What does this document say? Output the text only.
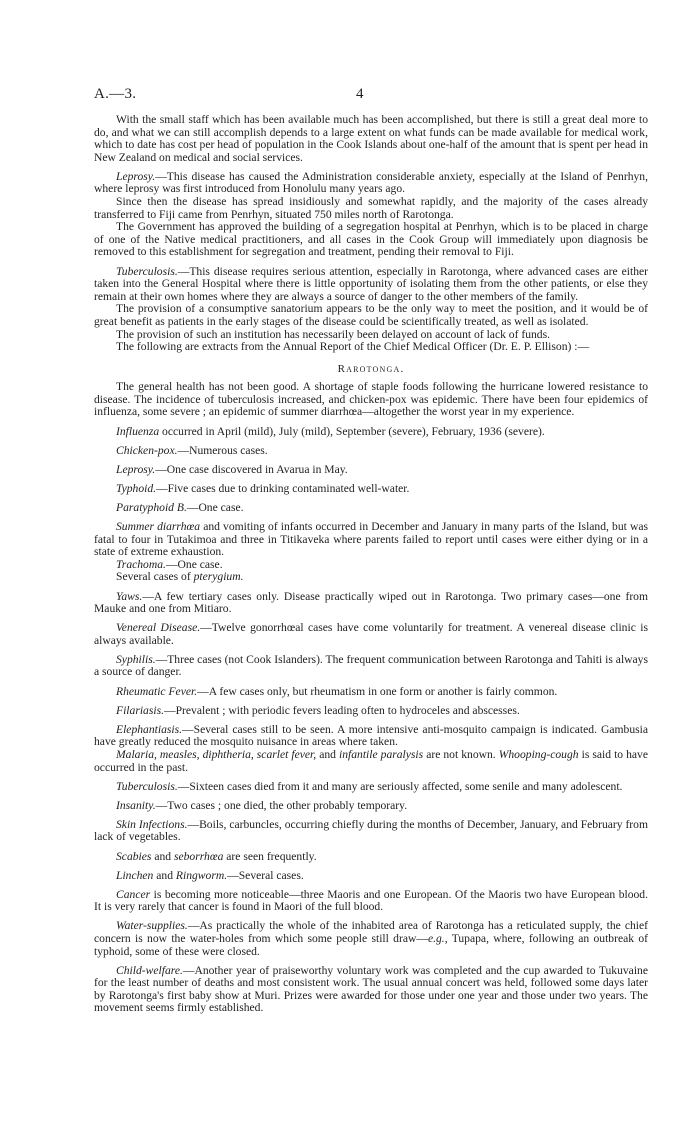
A.—3.	4

With the small staff which has been available much has been accomplished, but there is still a great deal more to do, and what we can still accomplish depends to a large extent on what funds can be made available for medical work, which to date has cost per head of population in the Cook Islands about one-half of the amount that is spent per head in New Zealand on medical and social services.

Leprosy.—This disease has caused the Administration considerable anxiety, especially at the Island of Penrhyn, where leprosy was first introduced from Honolulu many years ago.

Since then the disease has spread insidiously and somewhat rapidly, and the majority of the cases already transferred to Fiji came from Penrhyn, situated 750 miles north of Rarotonga.

The Government has approved the building of a segregation hospital at Penrhyn, which is to be placed in charge of one of the Native medical practitioners, and all cases in the Cook Group will immediately upon diagnosis be removed to this establishment for segregation and treatment, pending their removal to Fiji.

Tuberculosis.—This disease requires serious attention, especially in Rarotonga, where advanced cases are either taken into the General Hospital where there is little opportunity of isolating them from the other patients, or else they remain at their own homes where they are always a source of danger to the other members of the family.

The provision of a consumptive sanatorium appears to be the only way to meet the position, and it would be of great benefit as patients in the early stages of the disease could be scientifically treated, as well as isolated.

The provision of such an institution has necessarily been delayed on account of lack of funds.

The following are extracts from the Annual Report of the Chief Medical Officer (Dr. E. P. Ellison) :—

Rarotonga.

The general health has not been good. A shortage of staple foods following the hurricane lowered resistance to disease. The incidence of tuberculosis increased, and chicken-pox was epidemic. There have been four epidemics of influenza, some severe ; an epidemic of summer diarrhœa—altogether the worst year in my experience.

Influenza occurred in April (mild), July (mild), September (severe), February, 1936 (severe).

Chicken-pox.—Numerous cases.

Leprosy.—One case discovered in Avarua in May.

Typhoid.—Five cases due to drinking contaminated well-water.

Paratyphoid B.—One case.

Summer diarrhœa and vomiting of infants occurred in December and January in many parts of the Island, but was fatal to four in Tutakimoa and three in Titikaveka where parents failed to report until cases were either dying or in a state of extreme exhaustion.

Trachoma.—One case.

Several cases of pterygium.

Yaws.—A few tertiary cases only. Disease practically wiped out in Rarotonga. Two primary cases—one from Mauke and one from Mitiaro.

Venereal Disease.—Twelve gonorrhœal cases have come voluntarily for treatment. A venereal disease clinic is always available.

Syphilis.—Three cases (not Cook Islanders). The frequent communication between Rarotonga and Tahiti is always a source of danger.

Rheumatic Fever.—A few cases only, but rheumatism in one form or another is fairly common.

Filariasis.—Prevalent ; with periodic fevers leading often to hydroceles and abscesses.

Elephantiasis.—Several cases still to be seen. A more intensive anti-mosquito campaign is indicated. Gambusia have greatly reduced the mosquito nuisance in areas where taken.

Malaria, measles, diphtheria, scarlet fever, and infantile paralysis are not known. Whooping-cough is said to have occurred in the past.

Tuberculosis.—Sixteen cases died from it and many are seriously affected, some senile and many adolescent.

Insanity.—Two cases ; one died, the other probably temporary.

Skin Infections.—Boils, carbuncles, occurring chiefly during the months of December, January, and February from lack of vegetables.

Scabies and seborrhœa are seen frequently.

Linchen and Ringworm.—Several cases.

Cancer is becoming more noticeable—three Maoris and one European. Of the Maoris two have European blood. It is very rarely that cancer is found in Maori of the full blood.

Water-supplies.—As practically the whole of the inhabited area of Rarotonga has a reticulated supply, the chief concern is now the water-holes from which some people still draw—e.g., Tupapa, where, following an outbreak of typhoid, some of these were closed.

Child-welfare.—Another year of praiseworthy voluntary work was completed and the cup awarded to Tukuvaine for the least number of deaths and most consistent work. The usual annual concert was held, followed some days later by Rarotonga's first baby show at Muri. Prizes were awarded for those under one year and those under two years. The movement seems firmly established.
